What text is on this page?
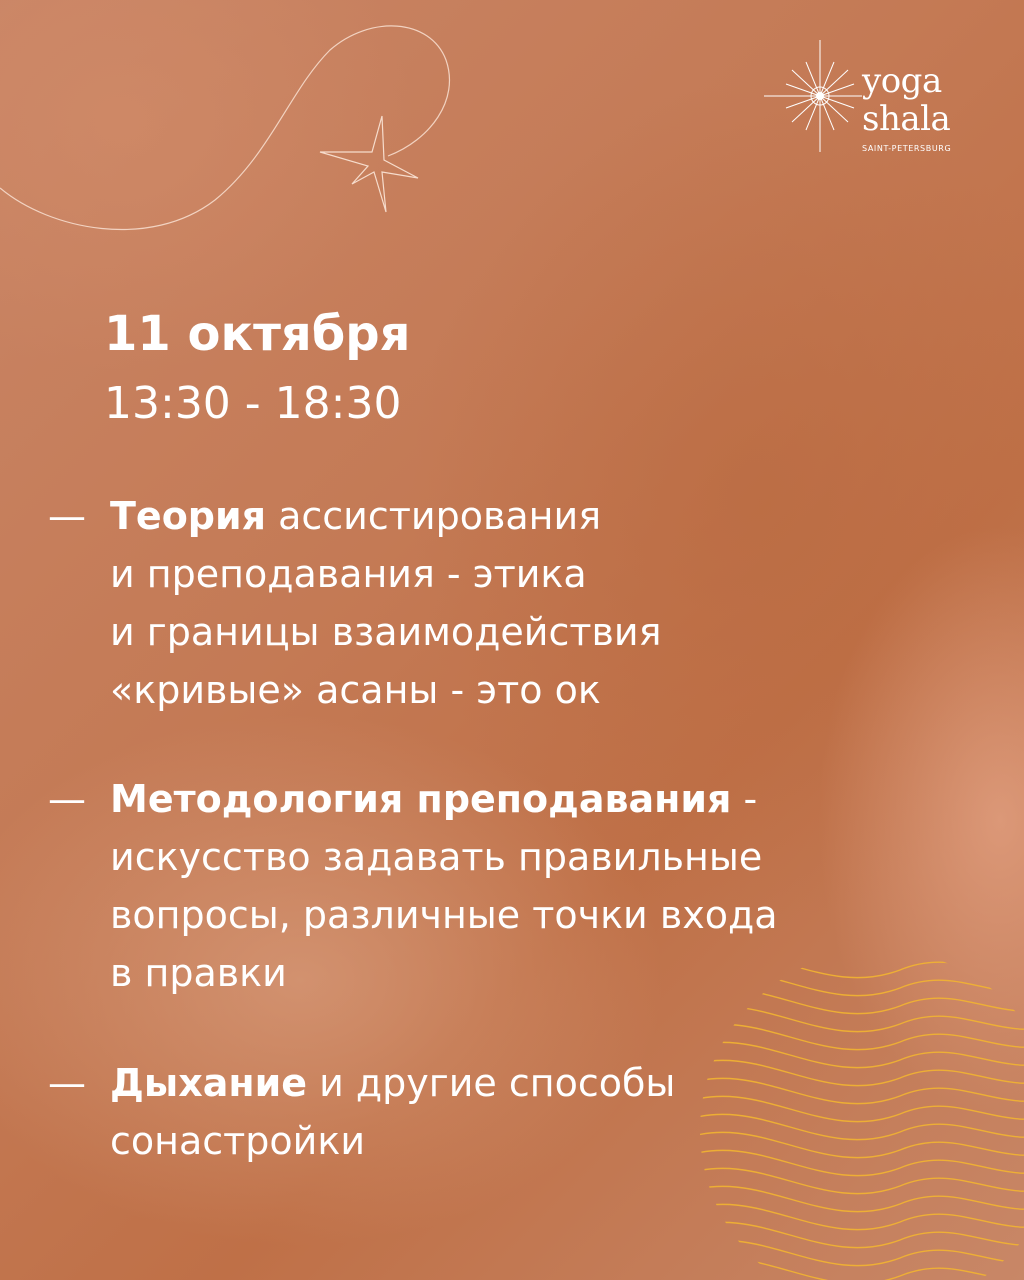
yoga
shala
SAINT-PETERSBURG
11 октября
13:30 - 18:30
— Теория ассистирования
и преподавания - этика
и границы взаимодействия
«кривые» асаны - это ок
— Методология преподавания -
искусство задавать правильные
вопросы, различные точки входа
в правки
— Дыхание и другие способы
сонастройки
